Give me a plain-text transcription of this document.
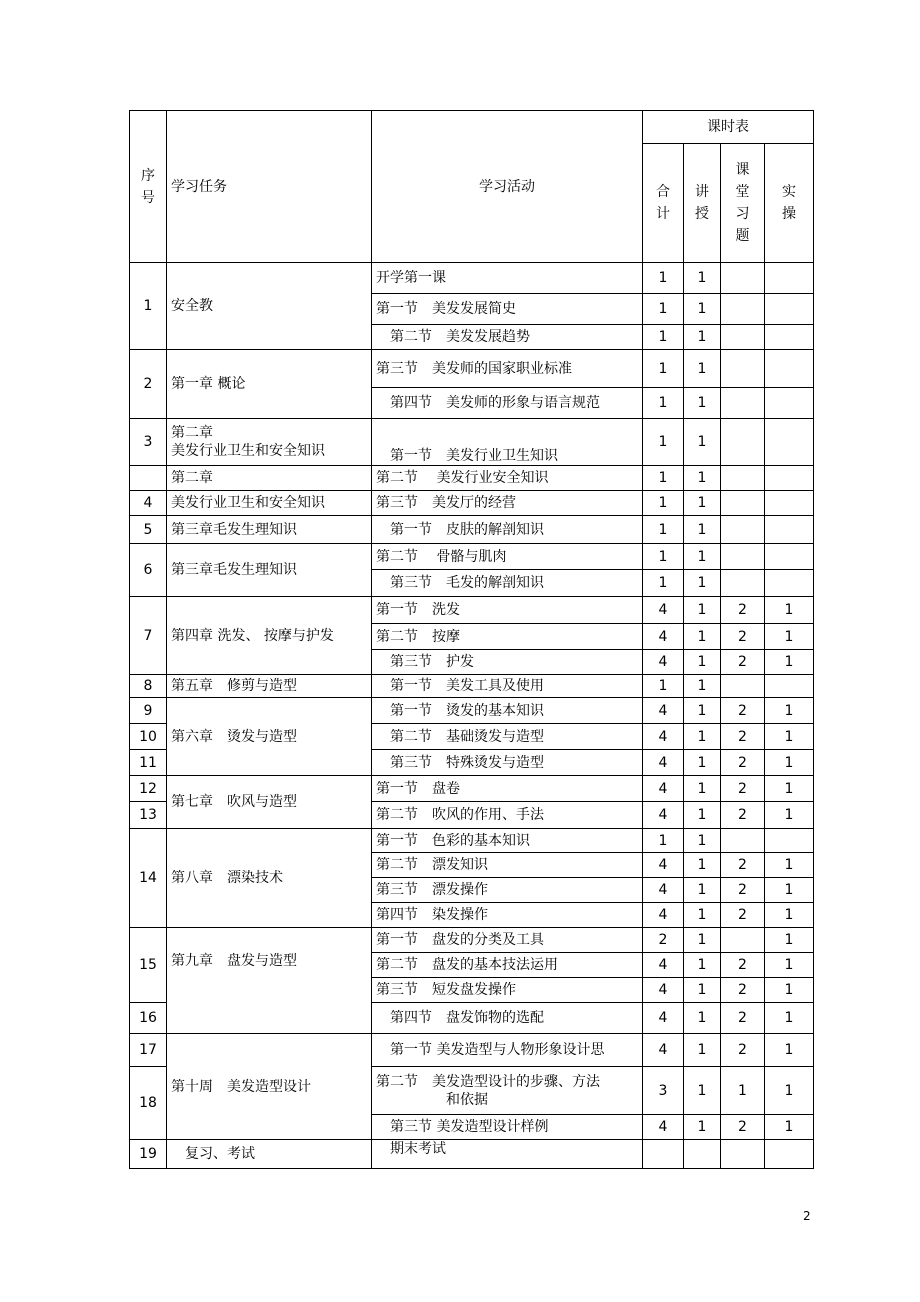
序号	学习任务	学习活动	课时表			
			合计	讲授	课堂习题	实操
1	安全教	开学第一课	1	1		
		第一节　美发发展简史	1	1		
		　第二节　美发发展趋势	1	1		
2	第一章 概论	第三节　美发师的国家职业标准	1	1		
		　第四节　美发师的形象与语言规范	1	1		
3	第二章
美发行业卫生和安全知识	　第一节　美发行业卫生知识	1	1		
	第二章	第二节　 美发行业安全知识	1	1		
4	美发行业卫生和安全知识	第三节　美发厅的经营	1	1		
5	第三章毛发生理知识	　第一节　皮肤的解剖知识	1	1		
6	第三章毛发生理知识	第二节　 骨骼与肌肉	1	1		
		　第三节　毛发的解剖知识	1	1		
7	第四章 洗发、 按摩与护发	第一节　洗发	4	1	2	1
		第二节　按摩	4	1	2	1
		　第三节　护发	4	1	2	1
8	第五章　修剪与造型	　第一节　美发工具及使用	1	1		
9	第六章　烫发与造型	　第一节　烫发的基本知识	4	1	2	1
10		　第二节　基础烫发与造型	4	1	2	1
11		　第三节　特殊烫发与造型	4	1	2	1
12	第七章　吹风与造型	第一节　盘卷	4	1	2	1
13		第二节　吹风的作用、手法	4	1	2	1
14	第八章　漂染技术	第一节　色彩的基本知识	1	1		
		第二节　漂发知识	4	1	2	1
		第三节　漂发操作	4	1	2	1
		第四节　染发操作	4	1	2	1
15	第九章　盘发与造型	第一节　盘发的分类及工具	2	1		1
		第二节　盘发的基本技法运用	4	1	2	1
		第三节　短发盘发操作	4	1	2	1
16		　第四节　盘发饰物的选配	4	1	2	1
17	第十周　美发造型设计	　第一节 美发造型与人物形象设计思	4	1	2	1
18		第二节　美发造型设计的步骤、方法
和依据	3	1	1	1
		　第三节 美发造型设计样例	4	1	2	1
19	　复习、考试	　期末考试				
2
